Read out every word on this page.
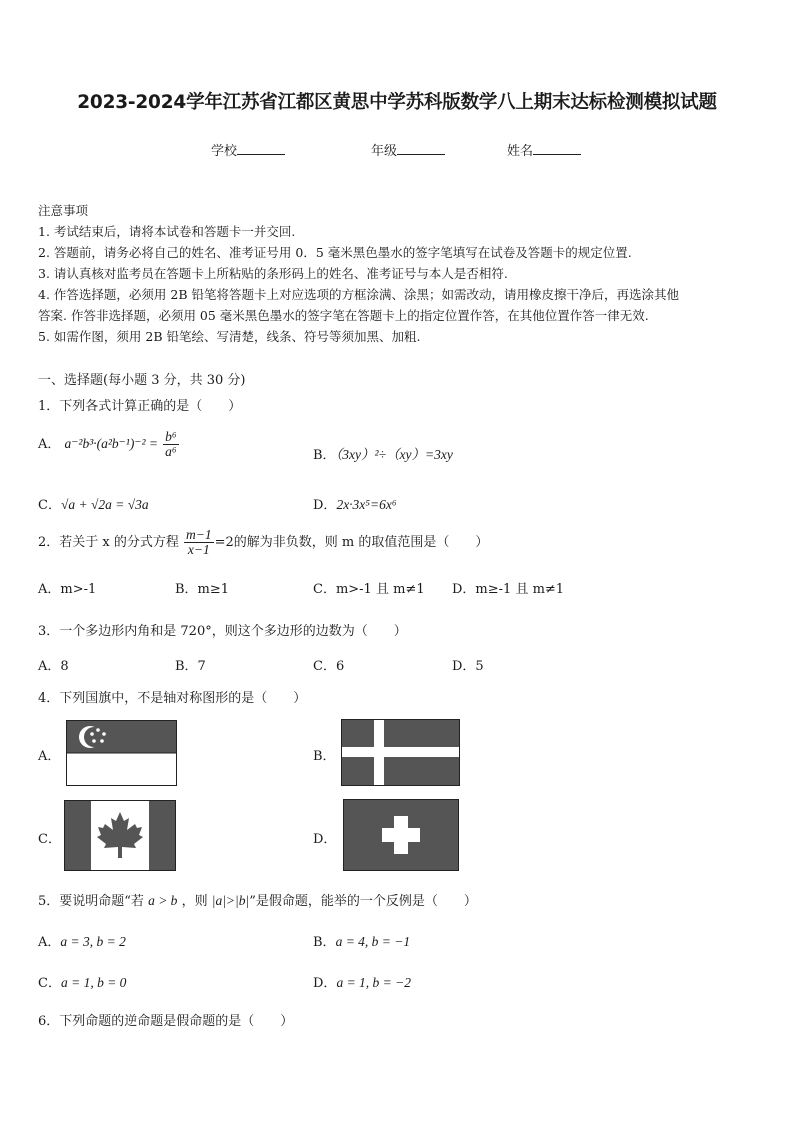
2023-2024学年江苏省江都区黄思中学苏科版数学八上期末达标检测模拟试题
学校	年级	姓名
注意事项
1. 考试结束后，请将本试卷和答题卡一并交回.
2. 答题前，请务必将自己的姓名、准考证号用 0．5 毫米黑色墨水的签字笔填写在试卷及答题卡的规定位置.
3. 请认真核对监考员在答题卡上所粘贴的条形码上的姓名、准考证号与本人是否相符.
4. 作答选择题，必须用 2B 铅笔将答题卡上对应选项的方框涂满、涂黑；如需改动，请用橡皮擦干净后，再选涂其他
答案. 作答非选择题，必须用 05 毫米黑色墨水的签字笔在答题卡上的指定位置作答，在其他位置作答一律无效.
5. 如需作图，须用 2B 铅笔绘、写清楚，线条、符号等须加黑、加粗.
一、选择题(每小题 3 分，共 30 分)
1．下列各式计算正确的是（　　）
A． $a^{-2}b^3\cdot(a^2b^{-1})^{-2} = \frac{\text{b⁶}}{\text{a⁶}}$	B．（3xy）²÷（xy）=3xy
C．√a + √2a = √3a	D．2x·3x⁵=6x⁶
2．若关于 x 的分式方程 $\frac{m-1}{x-1} =2$的解为非负数，则 m 的取值范围是（　　）
A．m>-1	B．m≥1	C．m>-1 且 m≠1 D．m≥-1 且 m≠1
3．一个多边形内角和是 720°，则这个多边形的边数为（　　）
A．8	B．7	C．6	D．5
4．下列国旗中，不是轴对称图形的是（　　）
A．	B．
C．	D．
5．要说明命题“若 a > b ，则 |a|>|b|”是假命题，能举的一个反例是（　　）
A．a = 3, b = 2	B．a = 4, b = −1
C．a = 1, b = 0	D．a = 1, b = −2
6．下列命题的逆命题是假命题的是（　　）
